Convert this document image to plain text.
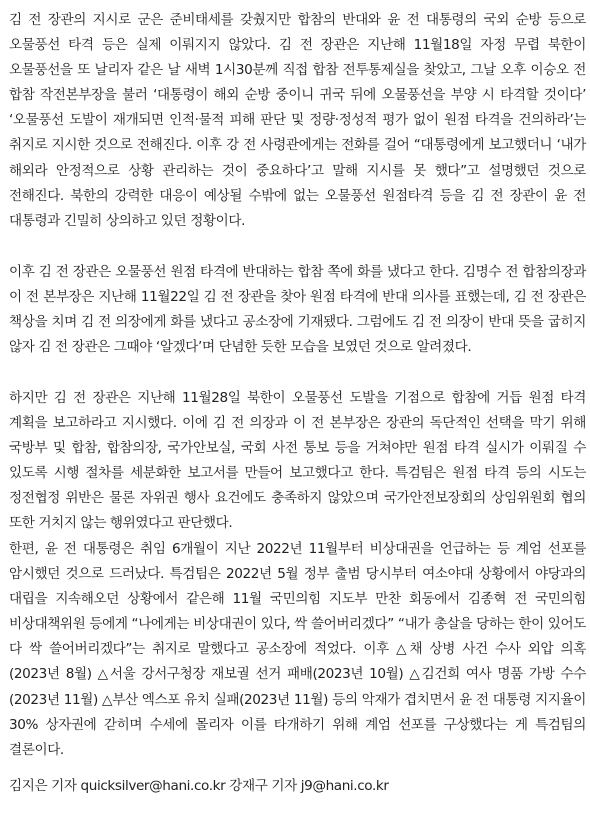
김 전 장관의 지시로 군은 준비태세를 갖췄지만 합참의 반대와 윤 전 대통령의 국외 순방 등으로 오물풍선 타격 등은 실제 이뤄지지 않았다. 김 전 장관은 지난해 11월18일 자정 무렵 북한이 오물풍선을 또 날리자 같은 날 새벽 1시30분께 직접 합참 전투통제실을 찾았고, 그날 오후 이승오 전 합참 작전본부장을 불러 ‘대통령이 해외 순방 중이니 귀국 뒤에 오물풍선을 부양 시 타격할 것이다’ ‘오물풍선 도발이 재개되면 인적·물적 피해 판단 및 정량·정성적 평가 없이 원점 타격을 건의하라’는 취지로 지시한 것으로 전해진다. 이후 강 전 사령관에게는 전화를 걸어 “대통령에게 보고했더니 ‘내가 해외라 안정적으로 상황 관리하는 것이 중요하다’고 말해 지시를 못 했다”고 설명했던 것으로 전해진다. 북한의 강력한 대응이 예상될 수밖에 없는 오물풍선 원점타격 등을 김 전 장관이 윤 전 대통령과 긴밀히 상의하고 있던 정황이다.

이후 김 전 장관은 오물풍선 원점 타격에 반대하는 합참 쪽에 화를 냈다고 한다. 김명수 전 합참의장과 이 전 본부장은 지난해 11월22일 김 전 장관을 찾아 원점 타격에 반대 의사를 표했는데, 김 전 장관은 책상을 치며 김 전 의장에게 화를 냈다고 공소장에 기재됐다. 그럼에도 김 전 의장이 반대 뜻을 굽히지 않자 김 전 장관은 그때야 ‘알겠다’며 단념한 듯한 모습을 보였던 것으로 알려졌다.

하지만 김 전 장관은 지난해 11월28일 북한이 오물풍선 도발을 기점으로 합참에 거듭 원점 타격 계획을 보고하라고 지시했다. 이에 김 전 의장과 이 전 본부장은 장관의 독단적인 선택을 막기 위해 국방부 및 합참, 합참의장, 국가안보실, 국회 사전 통보 등을 거쳐야만 원점 타격 실시가 이뤄질 수 있도록 시행 절차를 세분화한 보고서를 만들어 보고했다고 한다. 특검팀은 원점 타격 등의 시도는 정전협정 위반은 물론 자위권 행사 요건에도 충족하지 않았으며 국가안전보장회의 상임위원회 협의 또한 거치지 않는 행위였다고 판단했다.

한편, 윤 전 대통령은 취임 6개월이 지난 2022년 11월부터 비상대권을 언급하는 등 계엄 선포를 암시했던 것으로 드러났다. 특검팀은 2022년 5월 정부 출범 당시부터 여소야대 상황에서 야당과의 대립을 지속해오던 상황에서 같은해 11월 국민의힘 지도부 만찬 회동에서 김종혁 전 국민의힘 비상대책위원 등에게 “나에게는 비상대권이 있다, 싹 쓸어버리겠다” “내가 총살을 당하는 한이 있어도 다 싹 쓸어버리겠다”는 취지로 말했다고 공소장에 적었다. 이후 △채 상병 사건 수사 외압 의혹(2023년 8월) △서울 강서구청장 재보궐 선거 패배(2023년 10월) △김건희 여사 명품 가방 수수(2023년 11월) △부산 엑스포 유치 실패(2023년 11월) 등의 악재가 겹치면서 윤 전 대통령 지지율이 30% 상자권에 갇히며 수세에 몰리자 이를 타개하기 위해 계엄 선포를 구상했다는 게 특검팀의 결론이다.

김지은 기자 quicksilver@hani.co.kr 강재구 기자 j9@hani.co.kr
